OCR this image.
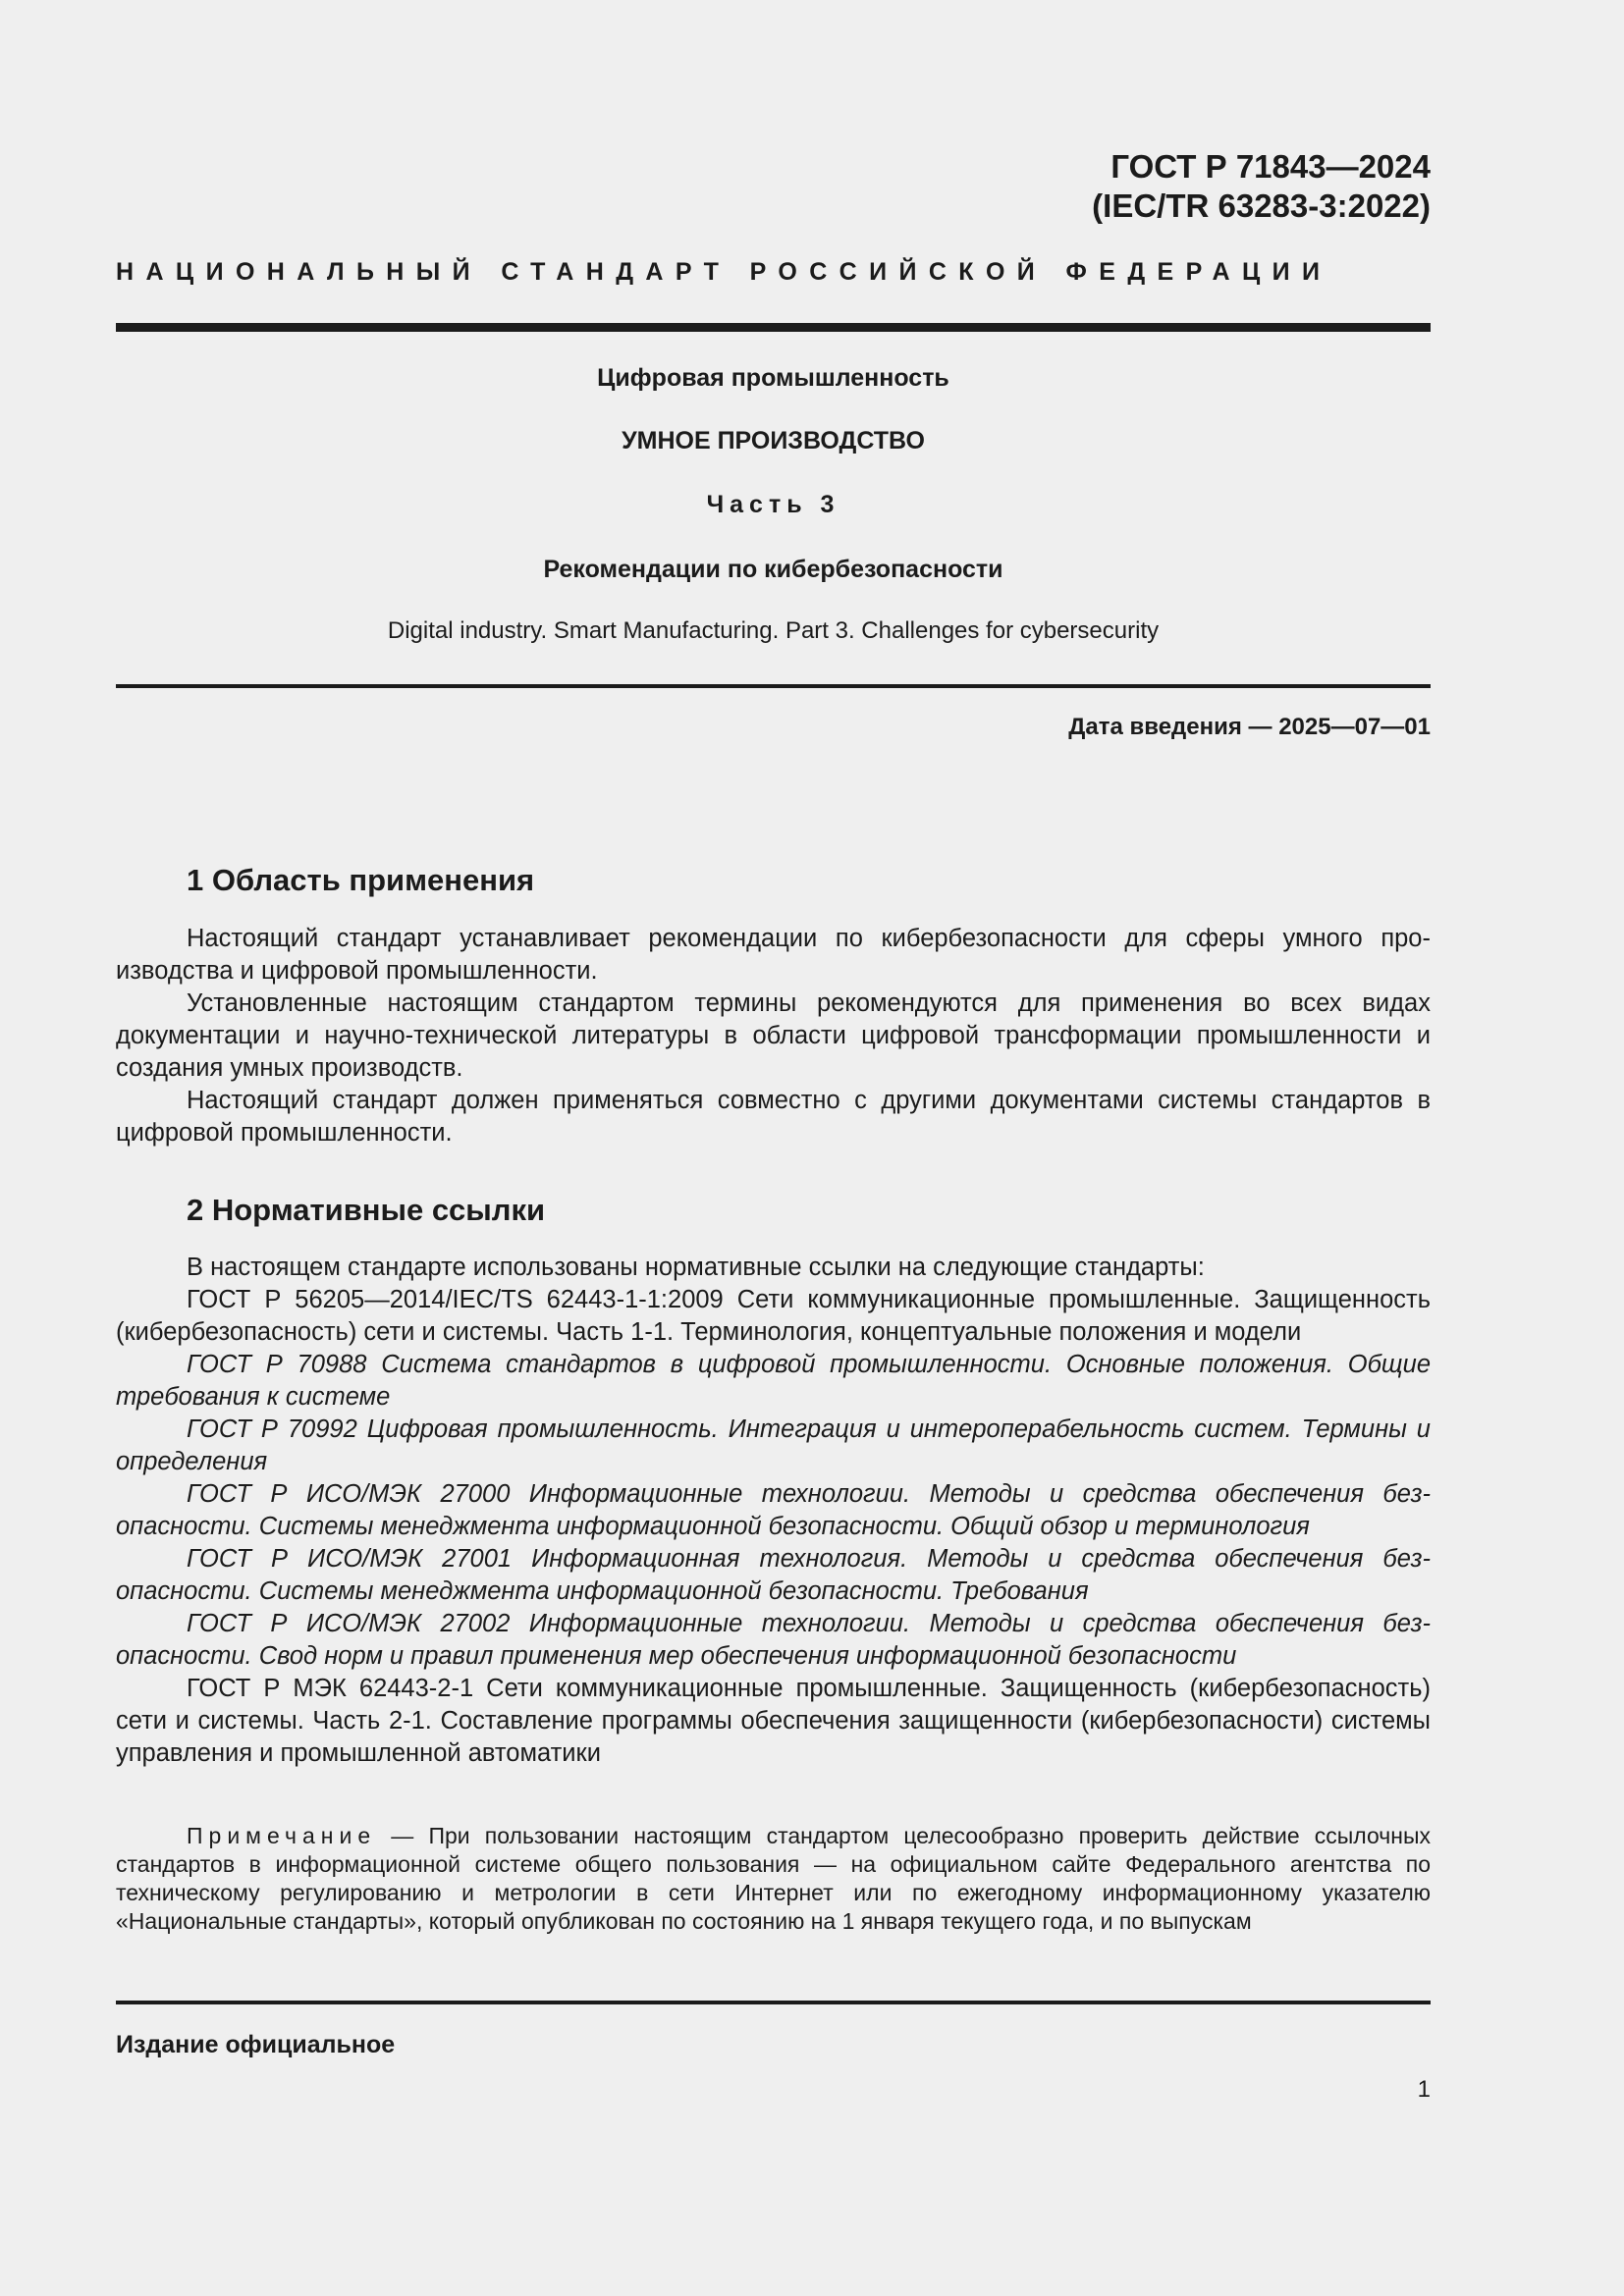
ГОСТ Р 71843—2024
(IEC/TR 63283-3:2022)
НАЦИОНАЛЬНЫЙ СТАНДАРТ РОССИЙСКОЙ ФЕДЕРАЦИИ
Цифровая промышленность
УМНОЕ ПРОИЗВОДСТВО
Часть 3
Рекомендации по кибербезопасности
Digital industry. Smart Manufacturing. Part 3. Challenges for cybersecurity
Дата введения — 2025—07—01
1 Область применения

Настоящий стандарт устанавливает рекомендации по кибербезопасности для сферы умного производства и цифровой промышленности.

Установленные настоящим стандартом термины рекомендуются для применения во всех видах документации и научно-технической литературы в области цифровой трансформации промышленности и создания умных производств.

Настоящий стандарт должен применяться совместно с другими документами системы стандартов в цифровой промышленности.

2 Нормативные ссылки

В настоящем стандарте использованы нормативные ссылки на следующие стандарты:

ГОСТ Р 56205—2014/IEC/TS 62443-1-1:2009 Сети коммуникационные промышленные. Защищенность (кибербезопасность) сети и системы. Часть 1-1. Терминология, концептуальные положения и модели

ГОСТ Р 70988 Система стандартов в цифровой промышленности. Основные положения. Общие требования к системе

ГОСТ Р 70992 Цифровая промышленность. Интеграция и интероперабельность систем. Термины и определения

ГОСТ Р ИСО/МЭК 27000 Информационные технологии. Методы и средства обеспечения безопасности. Системы менеджмента информационной безопасности. Общий обзор и терминология

ГОСТ Р ИСО/МЭК 27001 Информационная технология. Методы и средства обеспечения безопасности. Системы менеджмента информационной безопасности. Требования

ГОСТ Р ИСО/МЭК 27002 Информационные технологии. Методы и средства обеспечения безопасности. Свод норм и правил применения мер обеспечения информационной безопасности

ГОСТ Р МЭК 62443-2-1 Сети коммуникационные промышленные. Защищенность (кибербезопасность) сети и системы. Часть 2-1. Составление программы обеспечения защищенности (кибербезопасности) системы управления и промышленной автоматики

Примечание — При пользовании настоящим стандартом целесообразно проверить действие ссылочных стандартов в информационной системе общего пользования — на официальном сайте Федерального агентства по техническому регулированию и метрологии в сети Интернет или по ежегодному информационному указателю «Национальные стандарты», который опубликован по состоянию на 1 января текущего года, и по выпускам

Издание официальное
1
